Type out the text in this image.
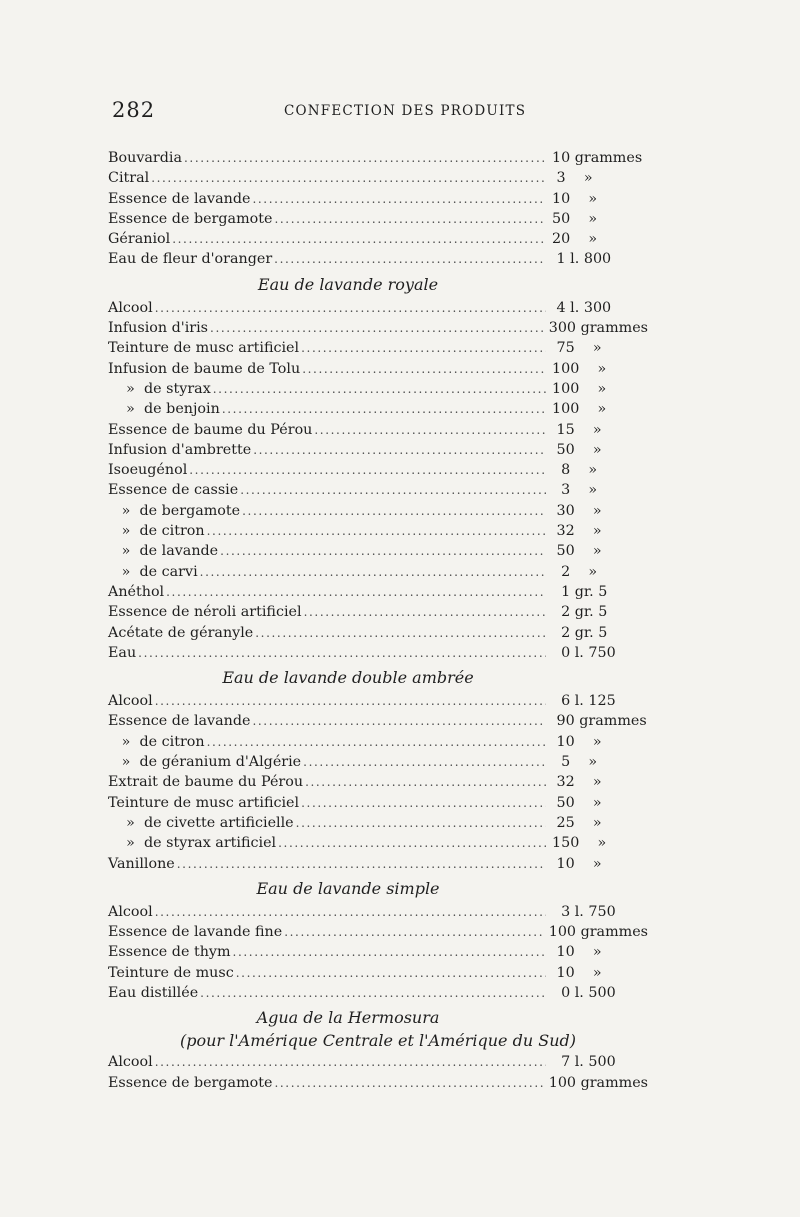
282	CONFECTION DES PRODUITS
Bouvardia .....	10 grammes
Citral .....	3    »
Essence de lavande .....	10    »
Essence de bergamote .....	50    »
Géraniol .....	20    »
Eau de fleur d'oranger .....	1 l. 800
Eau de lavande royale
Alcool .....	4 l. 300
Infusion d'iris .....	300 grammes
Teinture de musc artificiel .....	75    »
Infusion de baume de Tolu .....	100    »
»  de styrax .....	100    »
»  de benjoin .....	100    »
Essence de baume du Pérou .....	15    »
Infusion d'ambrette .....	50    »
Isoeugénol .....	8    »
Essence de cassie .....	3    »
»  de bergamote .....	30    »
»  de citron .....	32    »
»  de lavande .....	50    »
»  de carvi .....	2    »
Anéthol .....	1 gr. 5
Essence de néroli artificiel .....	2 gr. 5
Acétate de géranyle .....	2 gr. 5
Eau .....	0 l. 750
Eau de lavande double ambrée
Alcool .....	6 l. 125
Essence de lavande .....	90 grammes
»  de citron .....	10    »
»  de géranium d'Algérie .....	5    »
Extrait de baume du Pérou .....	32    »
Teinture de musc artificiel .....	50    »
»  de civette artificielle .....	25    »
»  de styrax artificiel .....	150    »
Vanillone .....	10    »
Eau de lavande simple
Alcool .....	3 l. 750
Essence de lavande fine .....	100 grammes
Essence de thym .....	10    »
Teinture de musc .....	10    »
Eau distillée .....	0 l. 500
Agua de la Hermosura
(pour l'Amérique Centrale et l'Amérique du Sud)
Alcool .....	7 l. 500
Essence de bergamote .....	100 grammes
